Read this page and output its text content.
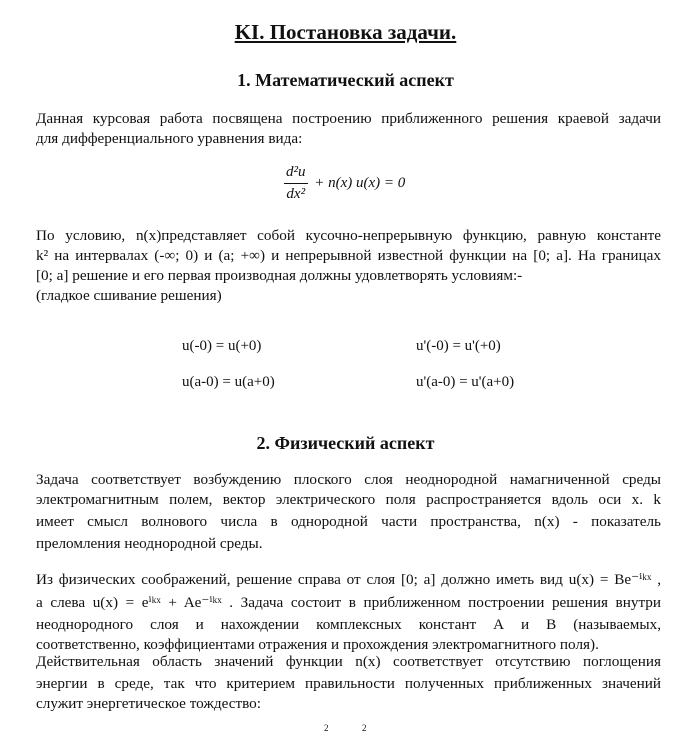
KI. Постановка задачи.
1. Математический аспект
Данная курсовая работа посвящена построению приближенного решения краевой задачи
для дифференциального уравнения вида:
$\frac{\text{d²u}}{\text{dx²}} + n(x) u(x) = 0$
По условию, n(x)представляет собой кусочно-непрерывную функцию, равную константе
k² на интервалах (-∞; 0) и (a; +∞) и непрерывной известной функции на [0; a]. На границах
[0; a] решение и его первая производная должны удовлетворять условиям:-
(гладкое сшивание решения)
u(-0) = u(+0)	u'(-0) = u'(+0)
u(a-0) = u(a+0)	u'(a-0) = u'(a+0)
2. Физический аспект
Задача соответствует возбуждению плоского слоя неоднородной намагниченной среды
электромагнитным полем, вектор электрического поля распространяется вдоль оси x. k
имеет смысл волнового числа в однородной части пространства, n(x) - показатель
преломления неоднородной среды.
Из физических соображений, решение справа от слоя [0; a] должно иметь вид u(x) = Be⁻ⁱᵏˣ ,
а слева u(x) = eⁱᵏˣ + Ae⁻ⁱᵏˣ . Задача состоит в приближенном построении решения внутри
неоднородного слоя и нахождении комплексных констант А и В (называемых,
соответственно, коэффициентами отражения и прохождения электромагнитного поля).
Действительная область значений функции n(x) соответствует отсутствию поглощения
энергии в среде, так что критерием правильности полученных приближенных значений
служит энергетическое тождество:
2	2
